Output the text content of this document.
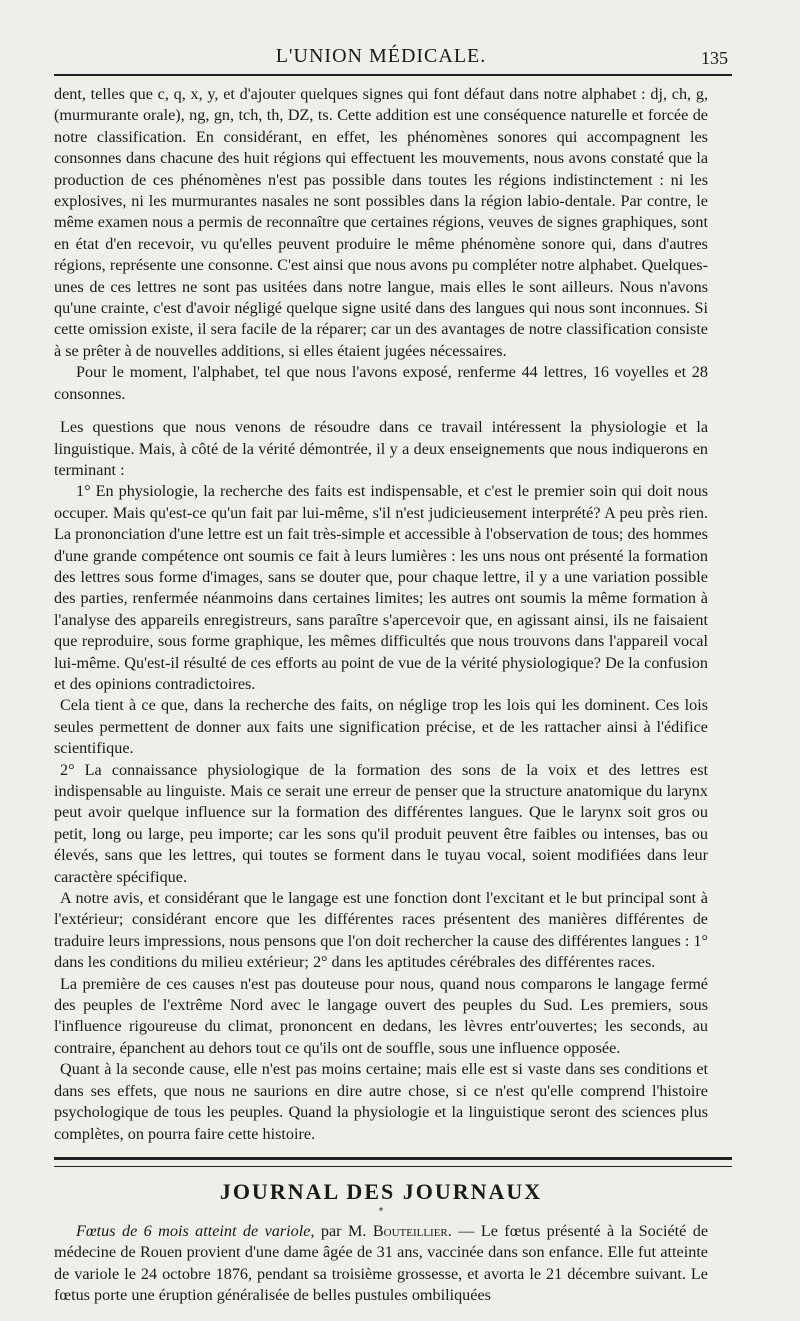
L'UNION MÉDICALE.	135

dent, telles que c, q, x, y, et d'ajouter quelques signes qui font défaut dans notre alphabet : dj, ch, g, (murmurante orale), ng, gn, tch, th, DZ, ts. Cette addition est une conséquence naturelle et forcée de notre classification. En considérant, en effet, les phénomènes sonores qui accompagnent les consonnes dans chacune des huit régions qui effectuent les mouvements, nous avons constaté que la production de ces phénomènes n'est pas possible dans toutes les régions indistinctement : ni les explosives, ni les murmurantes nasales ne sont possibles dans la région labio-dentale. Par contre, le même examen nous a permis de reconnaître que certaines régions, veuves de signes graphiques, sont en état d'en recevoir, vu qu'elles peuvent produire le même phénomène sonore qui, dans d'autres régions, représente une consonne. C'est ainsi que nous avons pu compléter notre alphabet. Quelques-unes de ces lettres ne sont pas usitées dans notre langue, mais elles le sont ailleurs. Nous n'avons qu'une crainte, c'est d'avoir négligé quelque signe usité dans des langues qui nous sont inconnues. Si cette omission existe, il sera facile de la réparer; car un des avantages de notre classification consiste à se prêter à de nouvelles additions, si elles étaient jugées nécessaires.

Pour le moment, l'alphabet, tel que nous l'avons exposé, renferme 44 lettres, 16 voyelles et 28 consonnes.

Les questions que nous venons de résoudre dans ce travail intéressent la physiologie et la linguistique. Mais, à côté de la vérité démontrée, il y a deux enseignements que nous indiquerons en terminant :

1° En physiologie, la recherche des faits est indispensable, et c'est le premier soin qui doit nous occuper. Mais qu'est-ce qu'un fait par lui-même, s'il n'est judicieusement interprété? A peu près rien. La prononciation d'une lettre est un fait très-simple et accessible à l'observation de tous; des hommes d'une grande compétence ont soumis ce fait à leurs lumières : les uns nous ont présenté la formation des lettres sous forme d'images, sans se douter que, pour chaque lettre, il y a une variation possible des parties, renfermée néanmoins dans certaines limites; les autres ont soumis la même formation à l'analyse des appareils enregistreurs, sans paraître s'apercevoir que, en agissant ainsi, ils ne faisaient que reproduire, sous forme graphique, les mêmes difficultés que nous trouvons dans l'appareil vocal lui-même. Qu'est-il résulté de ces efforts au point de vue de la vérité physiologique? De la confusion et des opinions contradictoires.

Cela tient à ce que, dans la recherche des faits, on néglige trop les lois qui les dominent. Ces lois seules permettent de donner aux faits une signification précise, et de les rattacher ainsi à l'édifice scientifique.

2° La connaissance physiologique de la formation des sons de la voix et des lettres est indispensable au linguiste. Mais ce serait une erreur de penser que la structure anatomique du larynx peut avoir quelque influence sur la formation des différentes langues. Que le larynx soit gros ou petit, long ou large, peu importe; car les sons qu'il produit peuvent être faibles ou intenses, bas ou élevés, sans que les lettres, qui toutes se forment dans le tuyau vocal, soient modifiées dans leur caractère spécifique.

A notre avis, et considérant que le langage est une fonction dont l'excitant et le but principal sont à l'extérieur; considérant encore que les différentes races présentent des manières différentes de traduire leurs impressions, nous pensons que l'on doit rechercher la cause des différentes langues : 1° dans les conditions du milieu extérieur; 2° dans les aptitudes cérébrales des différentes races.

La première de ces causes n'est pas douteuse pour nous, quand nous comparons le langage fermé des peuples de l'extrême Nord avec le langage ouvert des peuples du Sud. Les premiers, sous l'influence rigoureuse du climat, prononcent en dedans, les lèvres entr'ouvertes; les seconds, au contraire, épanchent au dehors tout ce qu'ils ont de souffle, sous une influence opposée.

Quant à la seconde cause, elle n'est pas moins certaine; mais elle est si vaste dans ses conditions et dans ses effets, que nous ne saurions en dire autre chose, si ce n'est qu'elle comprend l'histoire psychologique de tous les peuples. Quand la physiologie et la linguistique seront des sciences plus complètes, on pourra faire cette histoire.

JOURNAL DES JOURNAUX
*

Fœtus de 6 mois atteint de variole, par M. Bouteillier. — Le fœtus présenté à la Société de médecine de Rouen provient d'une dame âgée de 31 ans, vaccinée dans son enfance. Elle fut atteinte de variole le 24 octobre 1876, pendant sa troisième grossesse, et avorta le 21 décembre suivant. Le fœtus porte une éruption généralisée de belles pustules ombiliquées
